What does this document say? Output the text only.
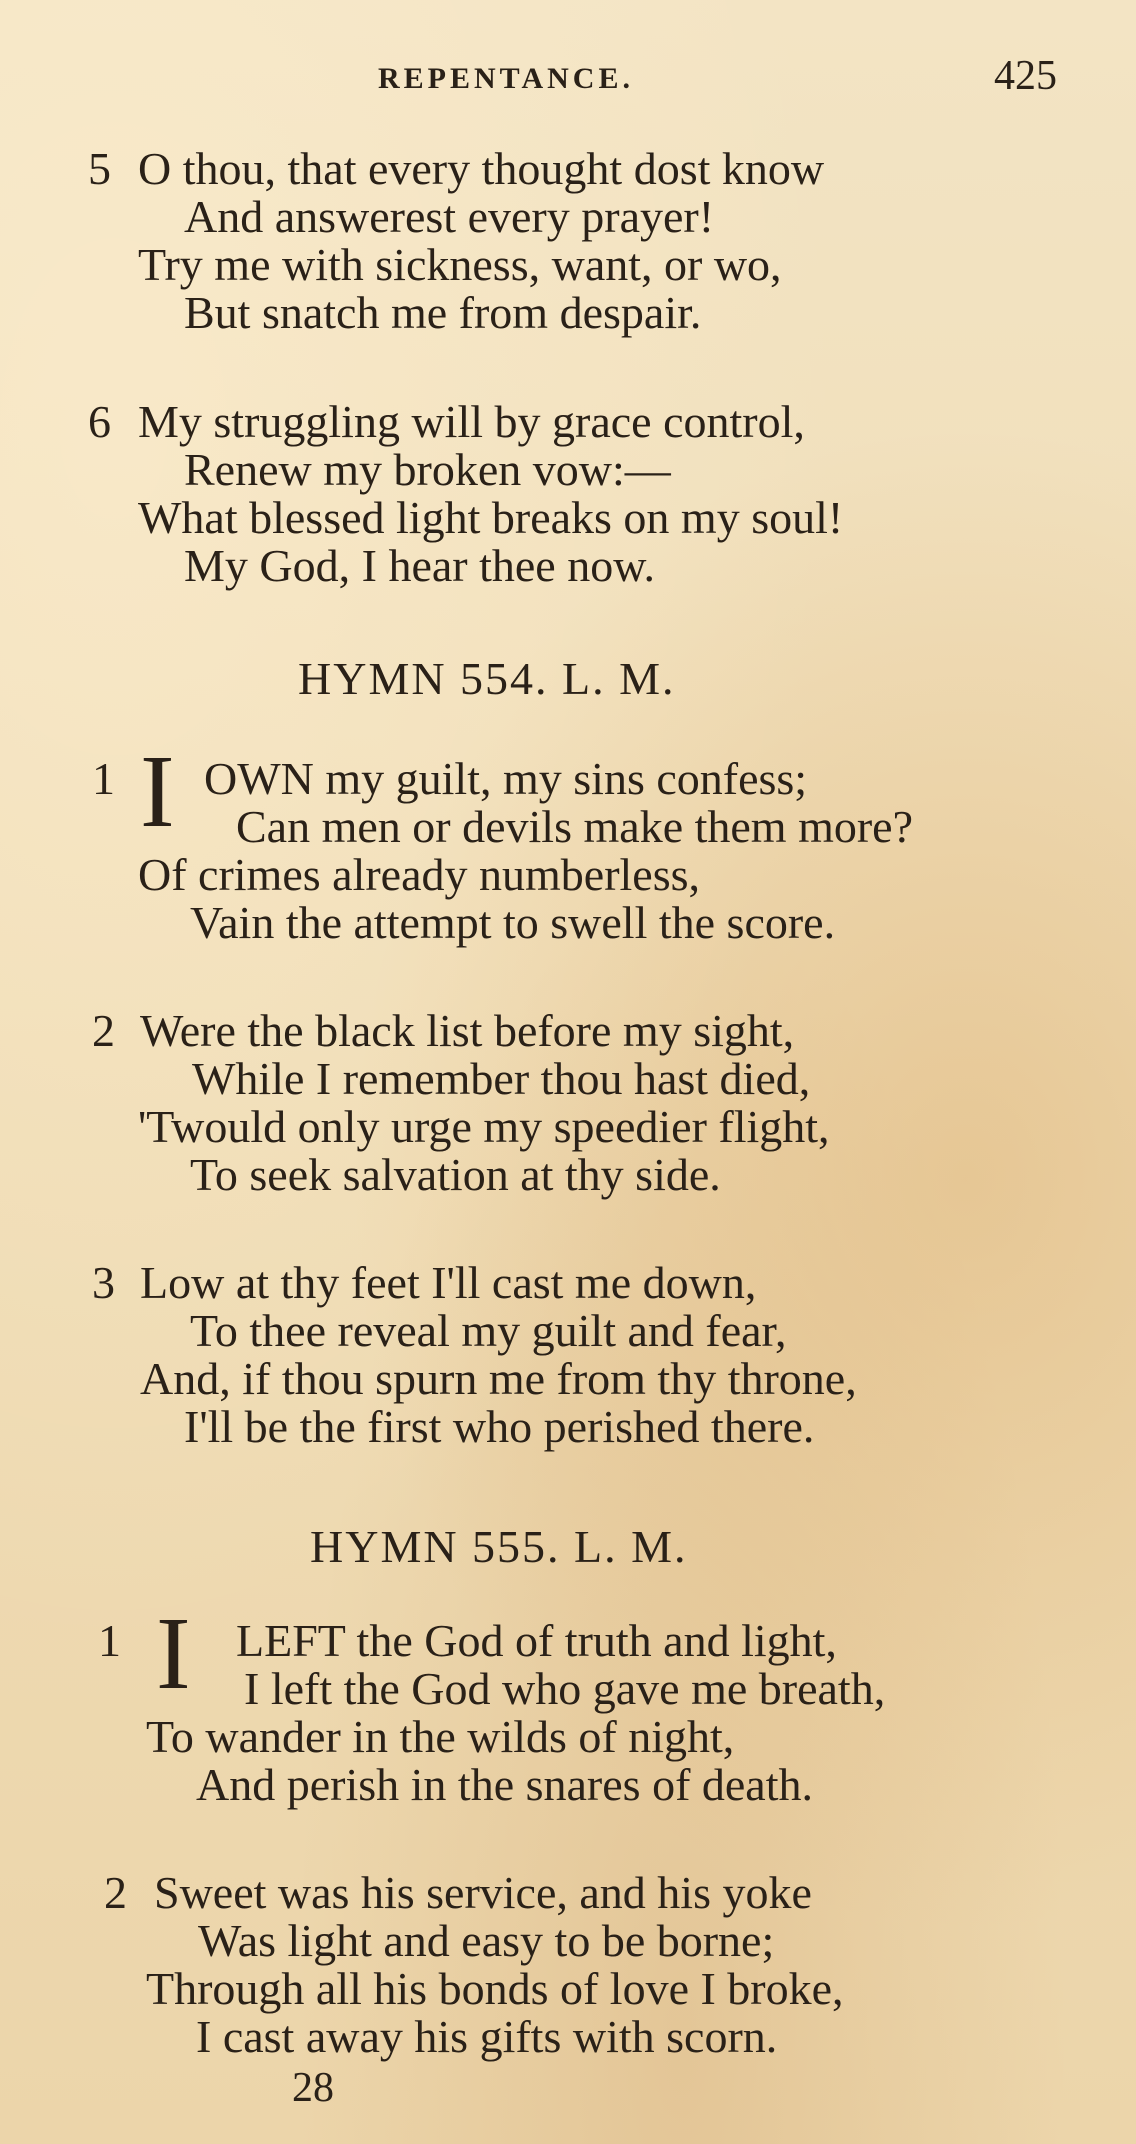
REPENTANCE.	425
5 O thou, that every thought dost know
And answerest every prayer!
Try me with sickness, want, or wo,
But snatch me from despair.
6 My struggling will by grace control,
Renew my broken vow:—
What blessed light breaks on my soul!
My God, I hear thee now.
HYMN 554. L. M.
1 I OWN my guilt, my sins confess;
Can men or devils make them more?
Of crimes already numberless,
Vain the attempt to swell the score.
2 Were the black list before my sight,
While I remember thou hast died,
'Twould only urge my speedier flight,
To seek salvation at thy side.
3 Low at thy feet I'll cast me down,
To thee reveal my guilt and fear,
And, if thou spurn me from thy throne,
I'll be the first who perished there.
HYMN 555. L. M.
1 I LEFT the God of truth and light,
I left the God who gave me breath,
To wander in the wilds of night,
And perish in the snares of death.
2 Sweet was his service, and his yoke
Was light and easy to be borne;
Through all his bonds of love I broke,
I cast away his gifts with scorn.
28
